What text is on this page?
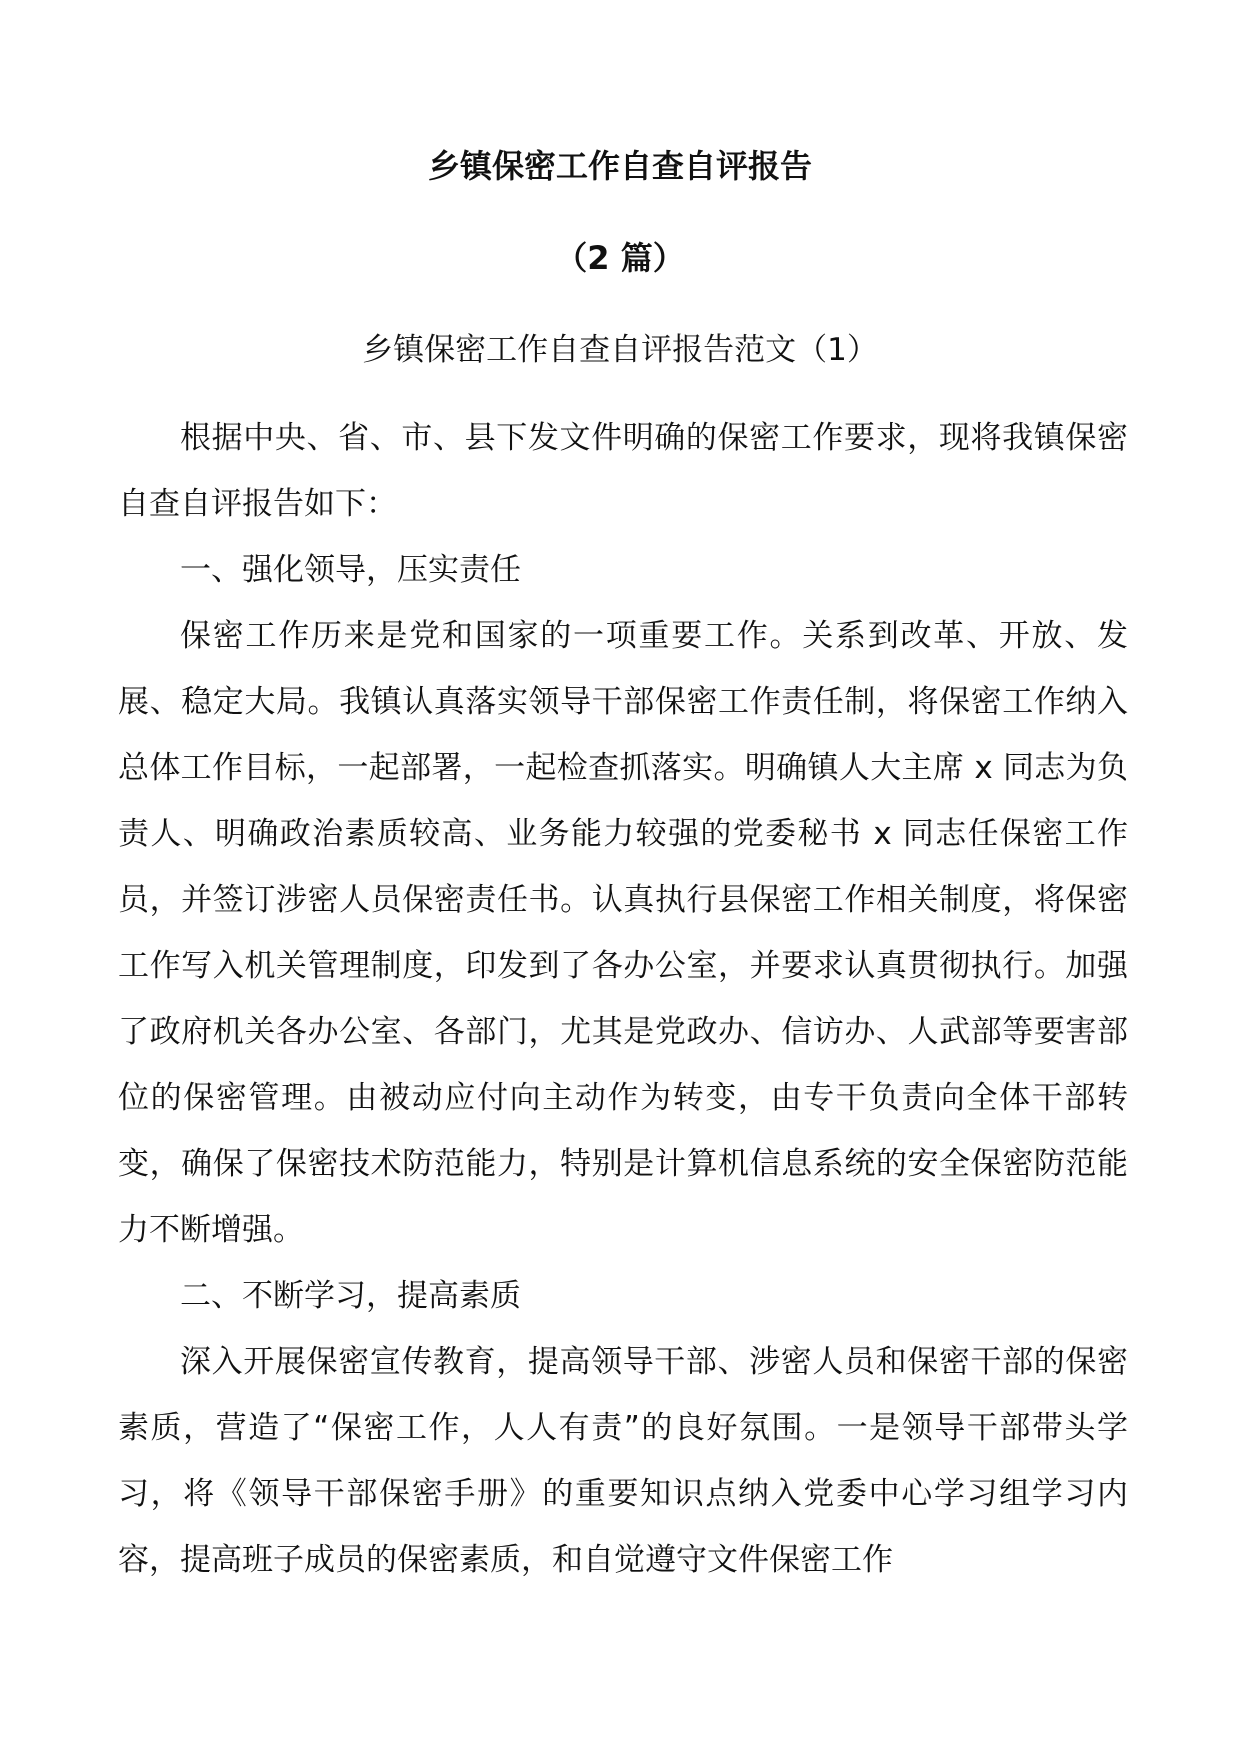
乡镇保密工作自查自评报告
（2 篇）
乡镇保密工作自查自评报告范文（1）

根据中央、省、市、县下发文件明确的保密工作要求，现将我镇保密自查自评报告如下：

一、强化领导，压实责任

保密工作历来是党和国家的一项重要工作。关系到改革、开放、发展、稳定大局。我镇认真落实领导干部保密工作责任制，将保密工作纳入总体工作目标，一起部署，一起检查抓落实。明确镇人大主席 x 同志为负责人、明确政治素质较高、业务能力较强的党委秘书 x 同志任保密工作员，并签订涉密人员保密责任书。认真执行县保密工作相关制度，将保密工作写入机关管理制度，印发到了各办公室，并要求认真贯彻执行。加强了政府机关各办公室、各部门，尤其是党政办、信访办、人武部等要害部位的保密管理。由被动应付向主动作为转变，由专干负责向全体干部转变，确保了保密技术防范能力，特别是计算机信息系统的安全保密防范能力不断增强。

二、不断学习，提高素质

深入开展保密宣传教育，提高领导干部、涉密人员和保密干部的保密素质，营造了“保密工作，人人有责”的良好氛围。一是领导干部带头学习，将《领导干部保密手册》的重要知识点纳入党委中心学习组学习内容，提高班子成员的保密素质，和自觉遵守文件保密工作
